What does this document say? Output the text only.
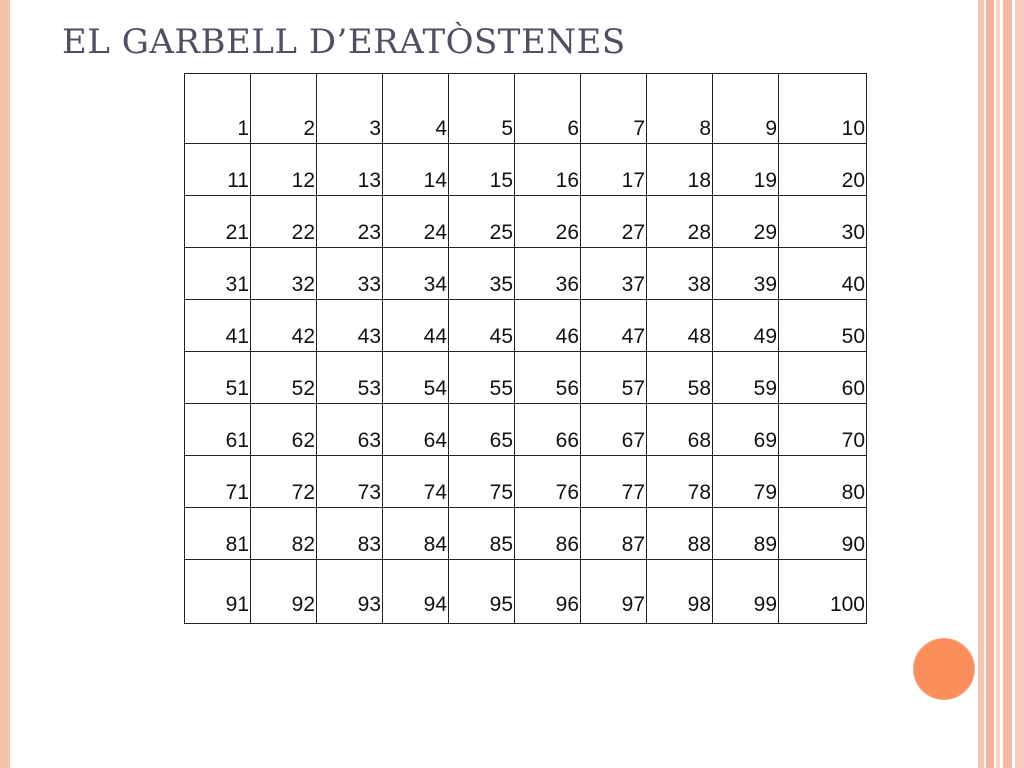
EL GARBELL D’ERATÒSTENES
1	2	3	4	5	6	7	8	9	10
11	12	13	14	15	16	17	18	19	20
21	22	23	24	25	26	27	28	29	30
31	32	33	34	35	36	37	38	39	40
41	42	43	44	45	46	47	48	49	50
51	52	53	54	55	56	57	58	59	60
61	62	63	64	65	66	67	68	69	70
71	72	73	74	75	76	77	78	79	80
81	82	83	84	85	86	87	88	89	90
91	92	93	94	95	96	97	98	99	100
